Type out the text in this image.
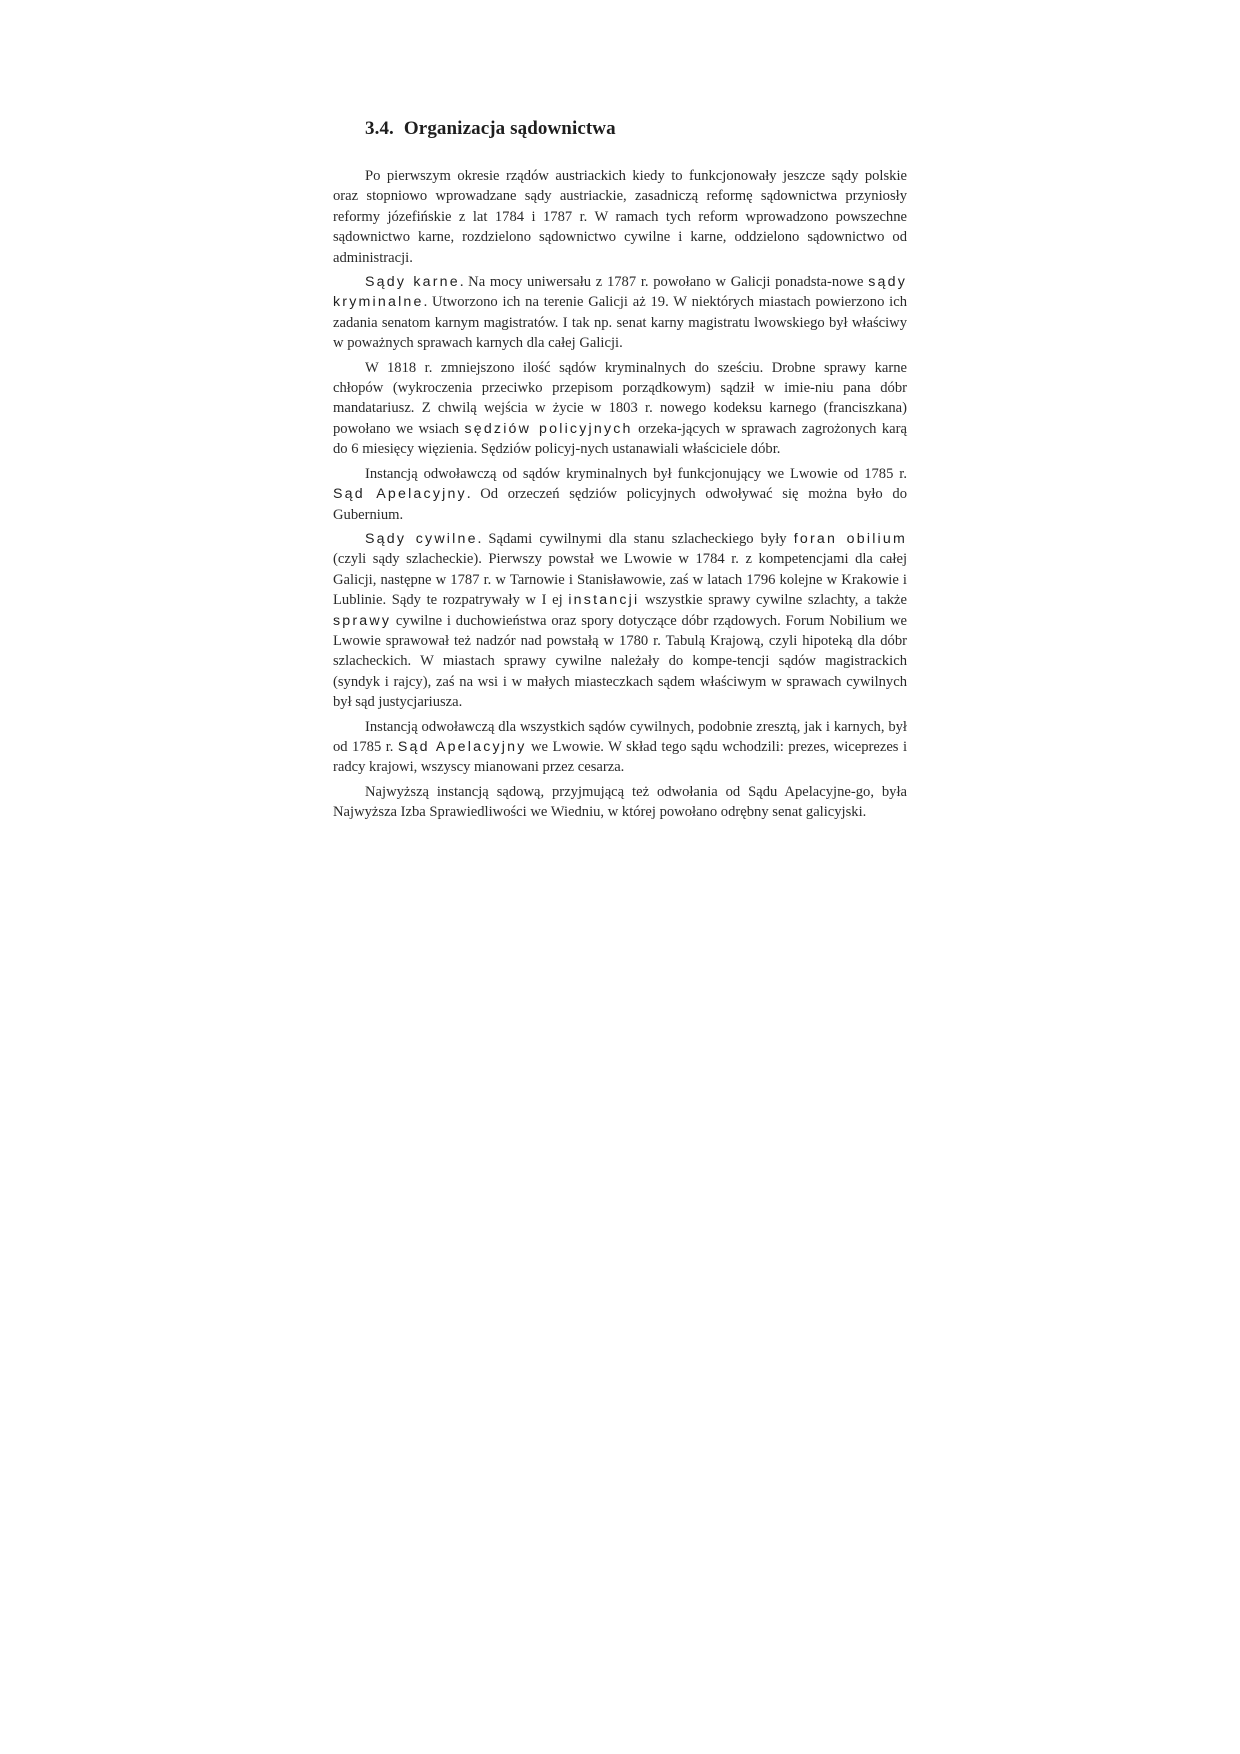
3.4. Organizacja sądownictwa

Po pierwszym okresie rządów austriackich kiedy to funkcjonowały jeszcze sądy polskie oraz stopniowo wprowadzane sądy austriackie, zasadniczą reformę sądownictwa przyniosły reformy józefińskie z lat 1784 i 1787 r. W ramach tych reform wprowadzono powszechne sądownictwo karne, rozdzielono sądownictwo cywilne i karne, oddzielono sądownictwo od administracji.

Sądy karne. Na mocy uniwersału z 1787 r. powołano w Galicji ponadsta-nowe sądy kryminalne. Utworzono ich na terenie Galicji aż 19. W niektórych miastach powierzono ich zadania senatom karnym magistratów. I tak np. senat karny magistratu lwowskiego był właściwy w poważnych sprawach karnych dla całej Galicji.

W 1818 r. zmniejszono ilość sądów kryminalnych do sześciu. Drobne sprawy karne chłopów (wykroczenia przeciwko przepisom porządkowym) sądził w imie-niu pana dóbr mandatariusz. Z chwilą wejścia w życie w 1803 r. nowego kodeksu karnego (franciszkana) powołano we wsiach sędziów policyjnych orzeka-jących w sprawach zagrożonych karą do 6 miesięcy więzienia. Sędziów policyj-nych ustanawiali właściciele dóbr.

Instancją odwoławczą od sądów kryminalnych był funkcjonujący we Lwowie od 1785 r. Sąd Apelacyjny. Od orzeczeń sędziów policyjnych odwoływać się można było do Gubernium.

Sądy cywilne. Sądami cywilnymi dla stanu szlacheckiego były foran obilium (czyli sądy szlacheckie). Pierwszy powstał we Lwowie w 1784 r. z kompetencjami dla całej Galicji, następne w 1787 r. w Tarnowie i Stanisławowie, zaś w latach 1796 kolejne w Krakowie i Lublinie. Sądy te rozpatrywały w I ej instancji wszystkie sprawy cywilne szlachty, a także sprawy cywilne i duchowieństwa oraz spory dotyczące dóbr rządowych. Forum Nobilium we Lwowie sprawował też nadzór nad powstałą w 1780 r. Tabulą Krajową, czyli hipoteką dla dóbr szlacheckich. W miastach sprawy cywilne należały do kompe-tencji sądów magistrackich (syndyk i rajcy), zaś na wsi i w małych miasteczkach sądem właściwym w sprawach cywilnych był sąd justycjariusza.

Instancją odwoławczą dla wszystkich sądów cywilnych, podobnie zresztą, jak i karnych, był od 1785 r. Sąd Apelacyjny we Lwowie. W skład tego sądu wchodzili: prezes, wiceprezes i radcy krajowi, wszyscy mianowani przez cesarza.

Najwyższą instancją sądową, przyjmującą też odwołania od Sądu Apelacyjne-go, była Najwyższa Izba Sprawiedliwości we Wiedniu, w której powołano odrębny senat galicyjski.
